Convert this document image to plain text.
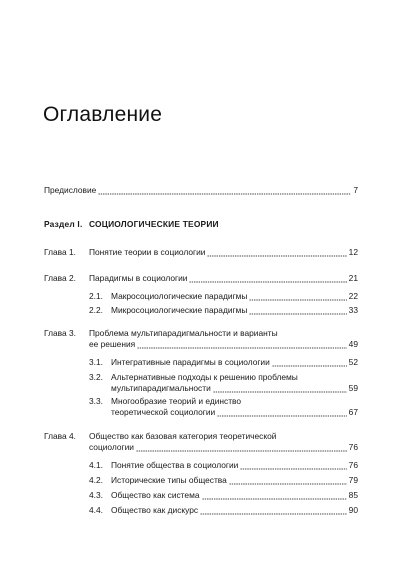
Оглавление
Предисловие	7
Раздел I. СОЦИОЛОГИЧЕСКИЕ ТЕОРИИ
Глава 1. Понятие теории в социологии	12
Глава 2. Парадигмы в социологии	21
2.1. Макросоциологические парадигмы	22
2.2. Микросоциологические парадигмы	33
Глава 3. Проблема мультипарадигмальности и варианты
ее решения	49
3.1. Интегративные парадигмы в социологии	52
3.2. Альтернативные подходы к решению проблемы
мультипарадигмальности	59
3.3. Многообразие теорий и единство
теоретической социологии	67
Глава 4. Общество как базовая категория теоретической
социологии	76
4.1. Понятие общества в социологии	76
4.2. Исторические типы общества	79
4.3. Общество как система	85
4.4. Общество как дискурс	90
